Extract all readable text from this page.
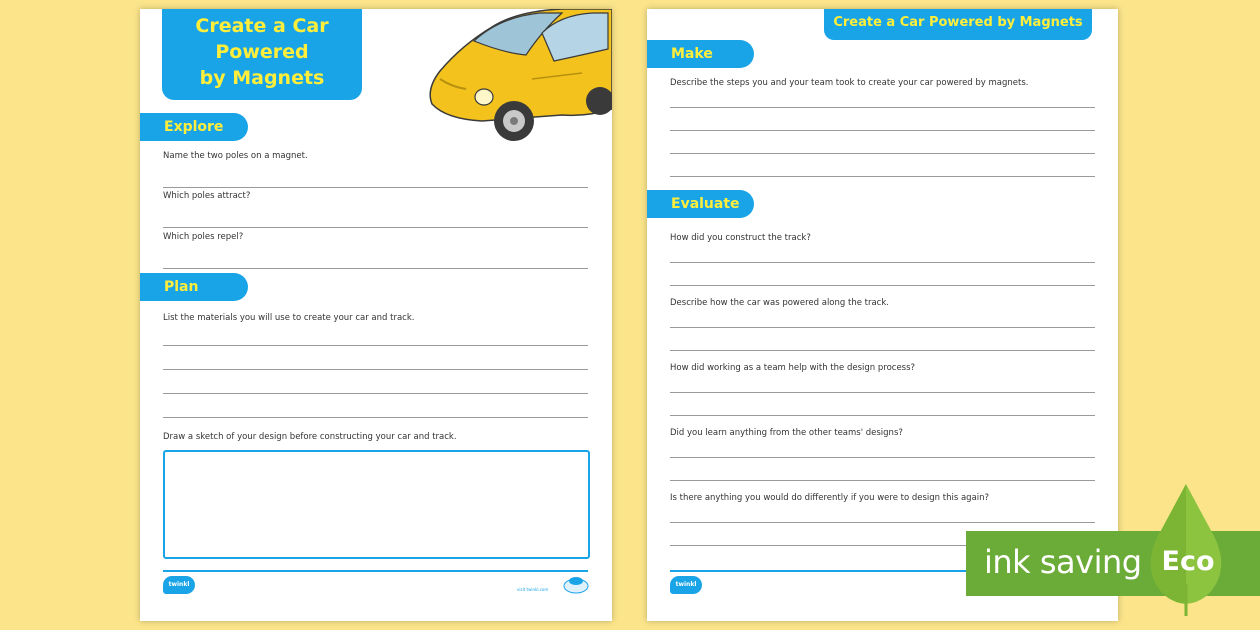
Create a Car
Powered
by Magnets
Explore
Name the two poles on a magnet.
Which poles attract?
Which poles repel?
Plan
List the materials you will use to create your car and track.
Draw a sketch of your design before constructing your car and track.
twinkl
visit twinkl.com
Create a Car Powered by Magnets
Make
Describe the steps you and your team took to create your car powered by magnets.
Evaluate
How did you construct the track?
Describe how the car was powered along the track.
How did working as a team help with the design process?
Did you learn anything from the other teams' designs?
Is there anything you would do differently if you were to design this again?
twinkl
ink saving Eco
